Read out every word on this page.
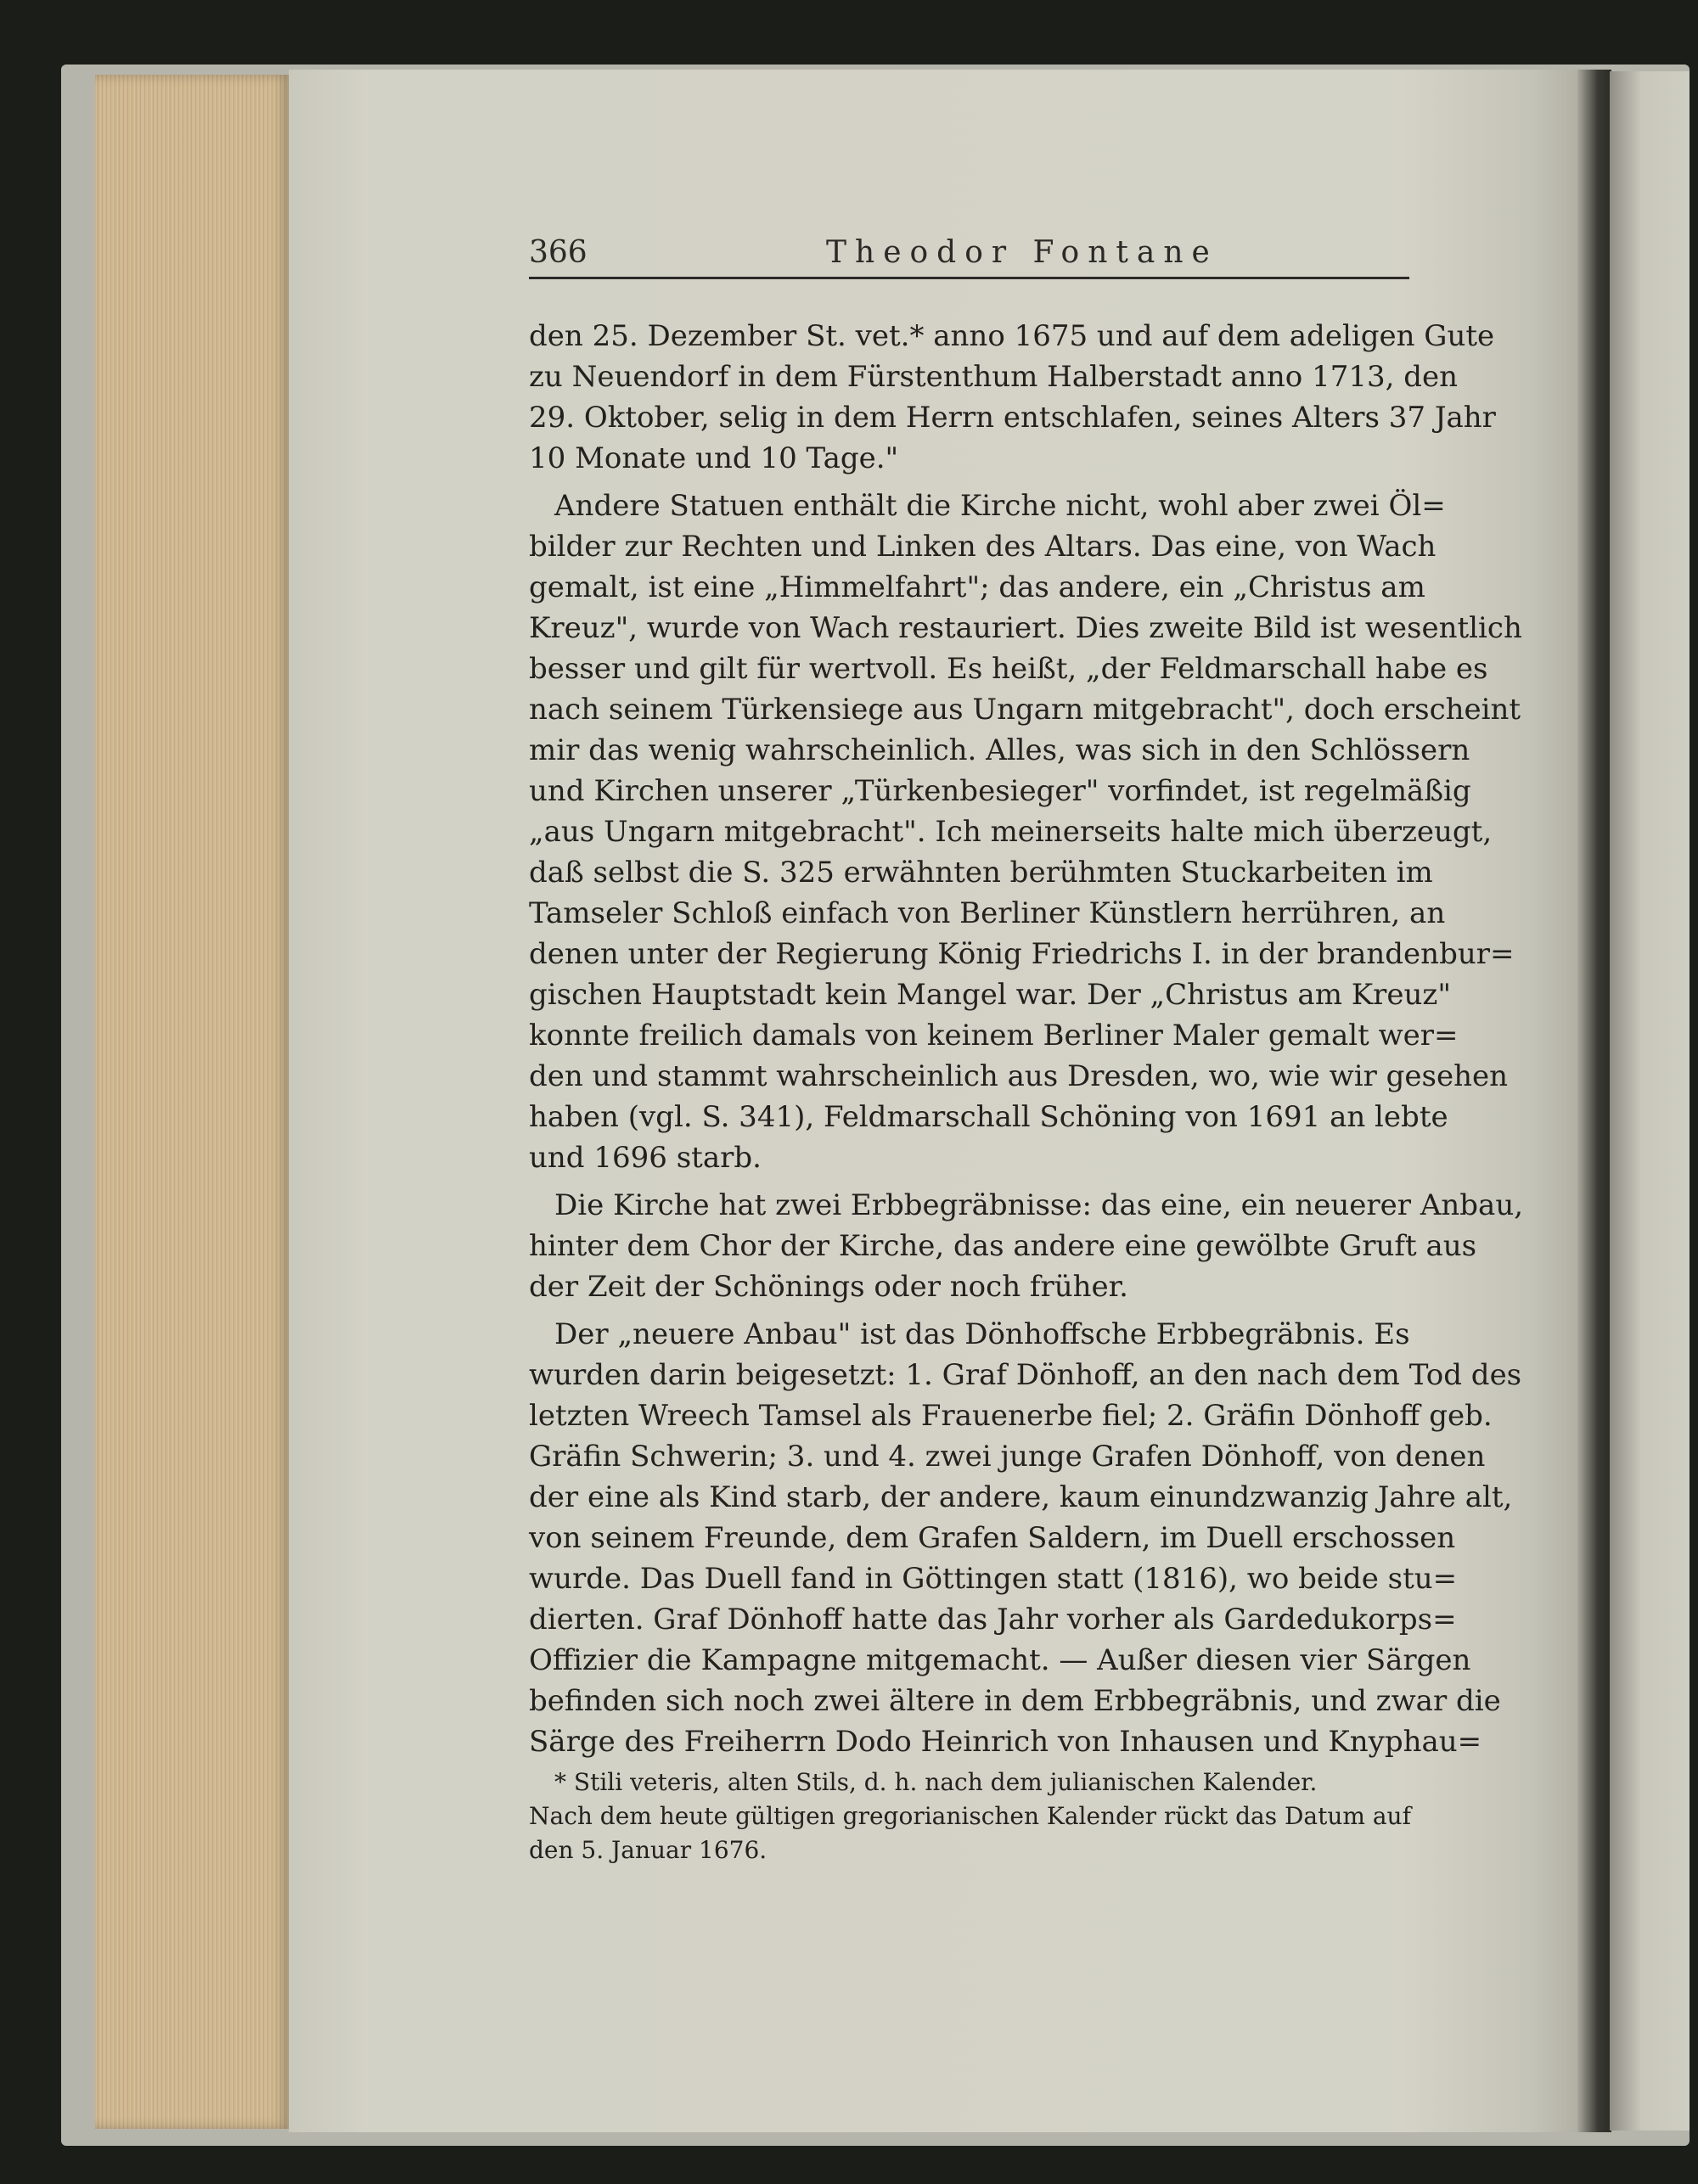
366	Theodor Fontane
den 25. Dezember St. vet.* anno 1675 und auf dem adeligen Gute
zu Neuendorf in dem Fürstenthum Halberstadt anno 1713, den
29. Oktober, selig in dem Herrn entschlafen, seines Alters 37 Jahr
10 Monate und 10 Tage."
Andere Statuen enthält die Kirche nicht, wohl aber zwei Öl=
bilder zur Rechten und Linken des Altars. Das eine, von Wach
gemalt, ist eine „Himmelfahrt"; das andere, ein „Christus am
Kreuz", wurde von Wach restauriert. Dies zweite Bild ist wesentlich
besser und gilt für wertvoll. Es heißt, „der Feldmarschall habe es
nach seinem Türkensiege aus Ungarn mitgebracht", doch erscheint
mir das wenig wahrscheinlich. Alles, was sich in den Schlössern
und Kirchen unserer „Türkenbesieger" vorfindet, ist regelmäßig
„aus Ungarn mitgebracht". Ich meinerseits halte mich überzeugt,
daß selbst die S. 325 erwähnten berühmten Stuckarbeiten im
Tamseler Schloß einfach von Berliner Künstlern herrühren, an
denen unter der Regierung König Friedrichs I. in der brandenbur=
gischen Hauptstadt kein Mangel war. Der „Christus am Kreuz"
konnte freilich damals von keinem Berliner Maler gemalt wer=
den und stammt wahrscheinlich aus Dresden, wo, wie wir gesehen
haben (vgl. S. 341), Feldmarschall Schöning von 1691 an lebte
und 1696 starb.
Die Kirche hat zwei Erbbegräbnisse: das eine, ein neuerer Anbau,
hinter dem Chor der Kirche, das andere eine gewölbte Gruft aus
der Zeit der Schönings oder noch früher.
Der „neuere Anbau" ist das Dönhoffsche Erbbegräbnis. Es
wurden darin beigesetzt: 1. Graf Dönhoff, an den nach dem Tod des
letzten Wreech Tamsel als Frauenerbe fiel; 2. Gräfin Dönhoff geb.
Gräfin Schwerin; 3. und 4. zwei junge Grafen Dönhoff, von denen
der eine als Kind starb, der andere, kaum einundzwanzig Jahre alt,
von seinem Freunde, dem Grafen Saldern, im Duell erschossen
wurde. Das Duell fand in Göttingen statt (1816), wo beide stu=
dierten. Graf Dönhoff hatte das Jahr vorher als Gardedukorps=
Offizier die Kampagne mitgemacht. — Außer diesen vier Särgen
befinden sich noch zwei ältere in dem Erbbegräbnis, und zwar die
Särge des Freiherrn Dodo Heinrich von Inhausen und Knyphau=
* Stili veteris, alten Stils, d. h. nach dem julianischen Kalender.
Nach dem heute gültigen gregorianischen Kalender rückt das Datum auf
den 5. Januar 1676.
